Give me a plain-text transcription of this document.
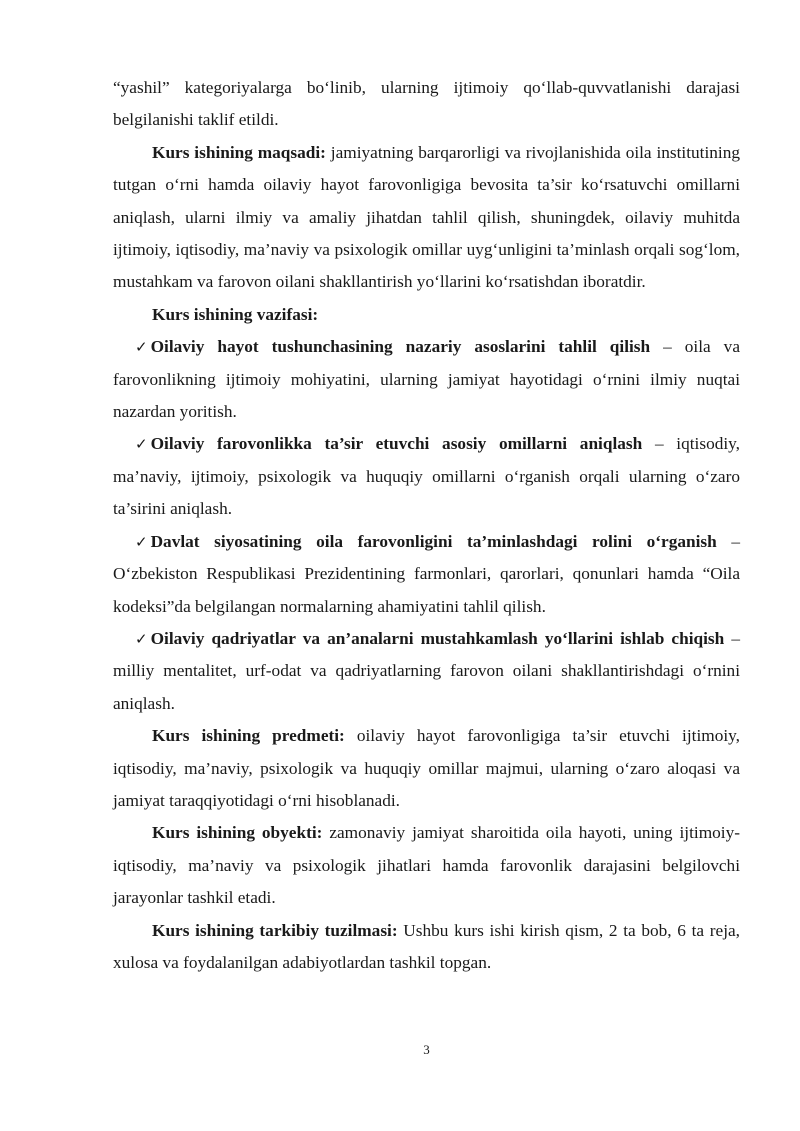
“yashil” kategoriyalarga bo‘linib, ularning ijtimoiy qo‘llab-quvvatlanishi darajasi belgilanishi taklif etildi.

Kurs ishining maqsadi: jamiyatning barqarorligi va rivojlanishida oila institutining tutgan o‘rni hamda oilaviy hayot farovonligiga bevosita ta’sir ko‘rsatuvchi omillarni aniqlash, ularni ilmiy va amaliy jihatdan tahlil qilish, shuningdek, oilaviy muhitda ijtimoiy, iqtisodiy, ma’naviy va psixologik omillar uyg‘unligini ta’minlash orqali sog‘lom, mustahkam va farovon oilani shakllantirish yo‘llarini ko‘rsatishdan iboratdir.

Kurs ishining vazifasi:

✓ Oilaviy hayot tushunchasining nazariy asoslarini tahlil qilish – oila va farovonlikning ijtimoiy mohiyatini, ularning jamiyat hayotidagi o‘rnini ilmiy nuqtai nazardan yoritish.

✓ Oilaviy farovonlikka ta’sir etuvchi asosiy omillarni aniqlash – iqtisodiy, ma’naviy, ijtimoiy, psixologik va huquqiy omillarni o‘rganish orqali ularning o‘zaro ta’sirini aniqlash.

✓ Davlat siyosatining oila farovonligini ta’minlashdagi rolini o‘rganish – O‘zbekiston Respublikasi Prezidentining farmonlari, qarorlari, qonunlari hamda “Oila kodeksi”da belgilangan normalarning ahamiyatini tahlil qilish.

✓ Oilaviy qadriyatlar va an’analarni mustahkamlash yo‘llarini ishlab chiqish – milliy mentalitet, urf-odat va qadriyatlarning farovon oilani shakllantirishdagi o‘rnini aniqlash.

Kurs ishining predmeti: oilaviy hayot farovonligiga ta’sir etuvchi ijtimoiy, iqtisodiy, ma’naviy, psixologik va huquqiy omillar majmui, ularning o‘zaro aloqasi va jamiyat taraqqiyotidagi o‘rni hisoblanadi.

Kurs ishining obyekti: zamonaviy jamiyat sharoitida oila hayoti, uning ijtimoiy-iqtisodiy, ma’naviy va psixologik jihatlari hamda farovonlik darajasini belgilovchi jarayonlar tashkil etadi.

Kurs ishining tarkibiy tuzilmasi: Ushbu kurs ishi kirish qism, 2 ta bob, 6 ta reja, xulosa va foydalanilgan adabiyotlardan tashkil topgan.

3
